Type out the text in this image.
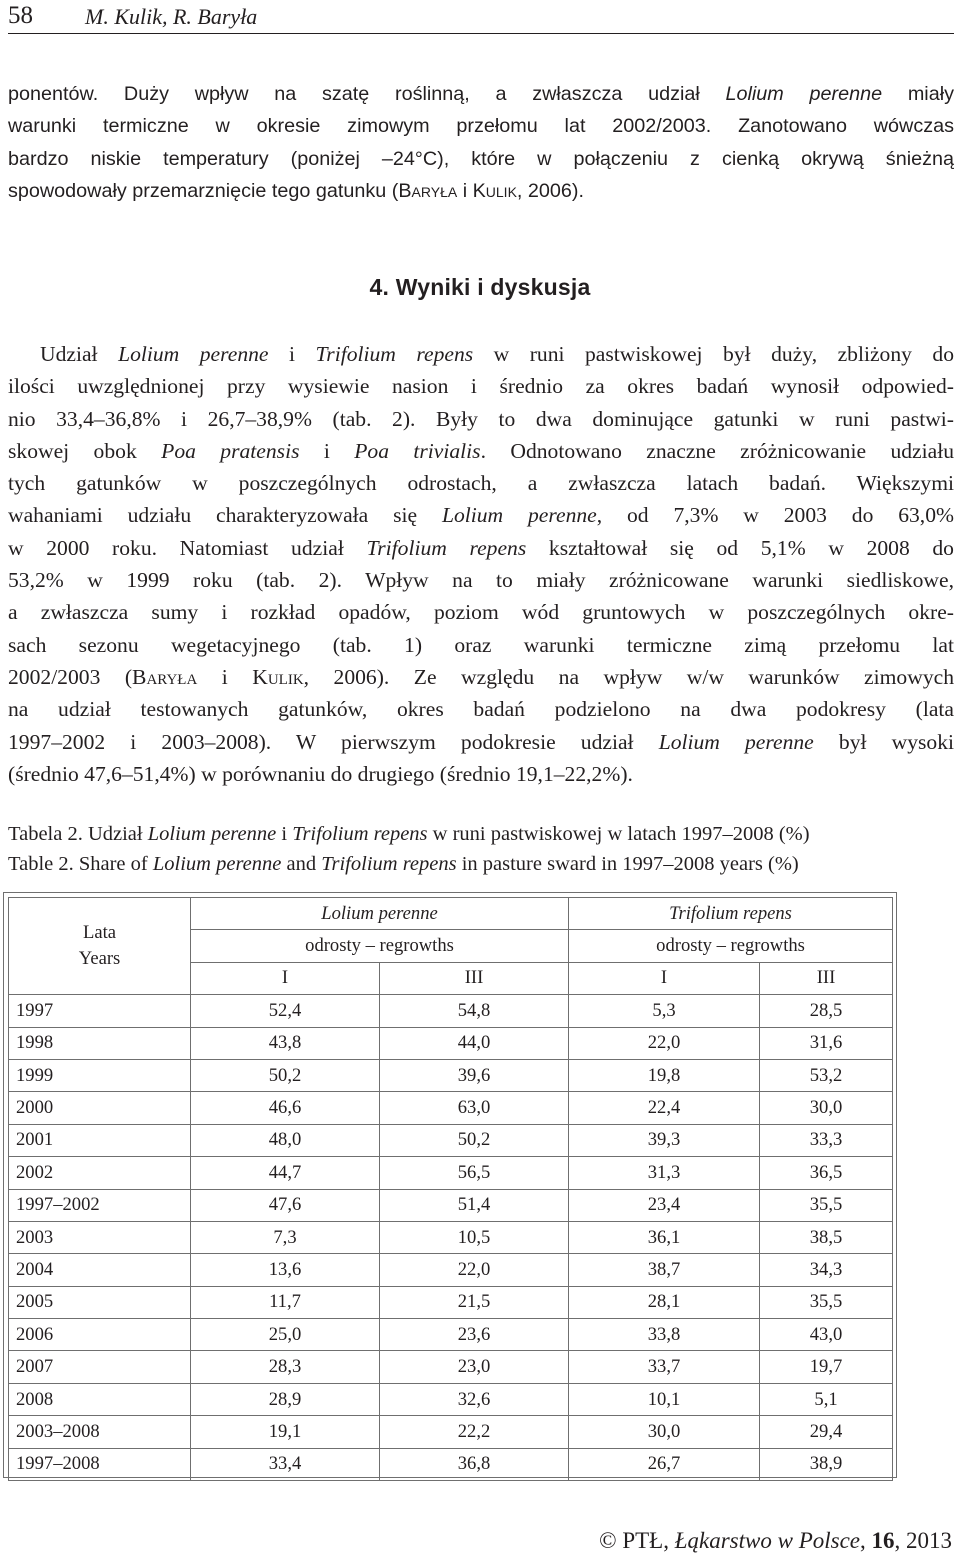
58 M. Kulik, R. Baryła
ponentów. Duży wpływ na szatę roślinną, a zwłaszcza udział Lolium perenne miały
warunki termiczne w okresie zimowym przełomu lat 2002/2003. Zanotowano wówczas
bardzo niskie temperatury (poniżej –24°C), które w połączeniu z cienką okrywą śnieżną
spowodowały przemarznięcie tego gatunku (Baryła i Kulik, 2006).
4. Wyniki i dyskusja
Udział Lolium perenne i Trifolium repens w runi pastwiskowej był duży, zbliżony do
ilości uwzględnionej przy wysiewie nasion i średnio za okres badań wynosił odpowied-
nio 33,4–36,8% i 26,7–38,9% (tab. 2). Były to dwa dominujące gatunki w runi pastwi-
skowej obok Poa pratensis i Poa trivialis. Odnotowano znaczne zróżnicowanie udziału
tych gatunków w poszczególnych odrostach, a zwłaszcza latach badań. Większymi
wahaniami udziału charakteryzowała się Lolium perenne, od 7,3% w 2003 do 63,0%
w 2000 roku. Natomiast udział Trifolium repens kształtował się od 5,1% w 2008 do
53,2% w 1999 roku (tab. 2). Wpływ na to miały zróżnicowane warunki siedliskowe,
a zwłaszcza sumy i rozkład opadów, poziom wód gruntowych w poszczególnych okre-
sach sezonu wegetacyjnego (tab. 1) oraz warunki termiczne zimą przełomu lat
2002/2003 (Baryła i Kulik, 2006). Ze względu na wpływ w/w warunków zimowych
na udział testowanych gatunków, okres badań podzielono na dwa podokresy (lata
1997–2002 i 2003–2008). W pierwszym podokresie udział Lolium perenne był wysoki
(średnio 47,6–51,4%) w porównaniu do drugiego (średnio 19,1–22,2%).
Tabela 2. Udział Lolium perenne i Trifolium repens w runi pastwiskowej w latach 1997–2008 (%)
Table 2. Share of Lolium perenne and Trifolium repens in pasture sward in 1997–2008 years (%)
Lata
Years	Lolium perenne		Trifolium repens	
	odrosty – regrowths		odrosty – regrowths	
	I	III	I	III
1997	52,4	54,8	5,3	28,5
1998	43,8	44,0	22,0	31,6
1999	50,2	39,6	19,8	53,2
2000	46,6	63,0	22,4	30,0
2001	48,0	50,2	39,3	33,3
2002	44,7	56,5	31,3	36,5
1997–2002	47,6	51,4	23,4	35,5
2003	7,3	10,5	36,1	38,5
2004	13,6	22,0	38,7	34,3
2005	11,7	21,5	28,1	35,5
2006	25,0	23,6	33,8	43,0
2007	28,3	23,0	33,7	19,7
2008	28,9	32,6	10,1	5,1
2003–2008	19,1	22,2	30,0	29,4
1997–2008	33,4	36,8	26,7	38,9
© PTŁ, Łąkarstwo w Polsce, 16, 2013
